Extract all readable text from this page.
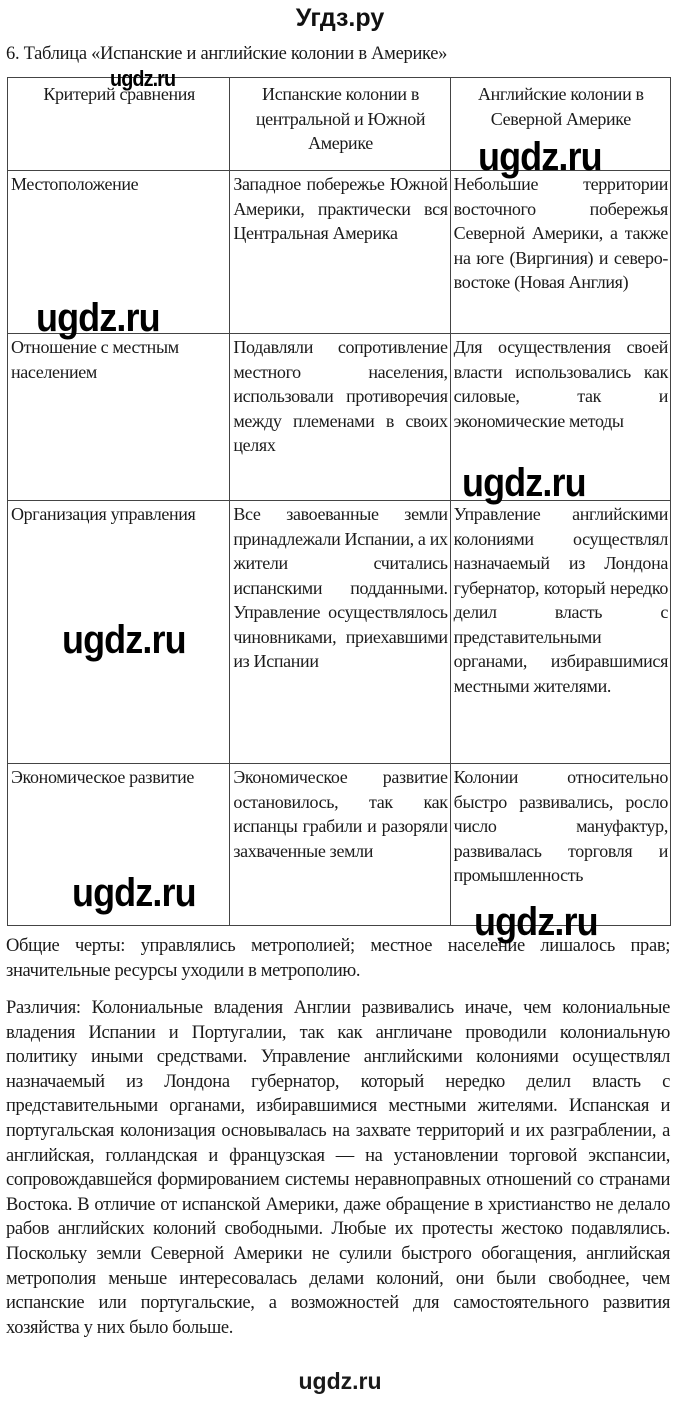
Угдз.ру
6. Таблица «Испанские и английские колонии в Америке»
Критерий сравнения	Испанские колонии в центральной и Южной Америке	Английские колонии в Северной Америке
Местоположение	Западное побережье Южной Америки, практически вся Центральная Америка	Небольшие территории восточного побережья Северной Америки, а также на юге (Виргиния) и северо-востоке (Новая Англия)
Отношение с местным населением	Подавляли сопротивление местного населения, использовали противоречия между племенами в своих целях	Для осуществления своей власти использовались как силовые, так и экономические методы
Организация управления	Все завоеванные земли принадлежали Испании, а их жители считались испанскими подданными. Управление осуществлялось чиновниками, приехавшими из Испании	Управление английскими колониями осуществлял назначаемый из Лондона губернатор, который нередко делил власть с представительными органами, избиравшимися местными жителями.
Экономическое развитие	Экономическое развитие остановилось, так как испанцы грабили и разоряли захваченные земли	Колонии относительно быстро развивались, росло число мануфактур, развивалась торговля и промышленность
Общие черты: управлялись метрополией; местное население лишалось прав; значительные ресурсы уходили в метрополию.
Различия: Колониальные владения Англии развивались иначе, чем колониальные владения Испании и Португалии, так как англичане проводили колониальную политику иными средствами. Управление английскими колониями осуществлял назначаемый из Лондона губернатор, который нередко делил власть с представительными органами, избиравшимися местными жителями. Испанская и португальская колонизация основывалась на захвате территорий и их разграблении, а английская, голландская и французская — на установлении торговой экспансии, сопровождавшейся формированием системы неравноправных отношений со странами Востока. В отличие от испанской Америки, даже обращение в христианство не делало рабов английских колоний свободными. Любые их протесты жестоко подавлялись. Поскольку земли Северной Америки не сулили быстрого обогащения, английская метрополия меньше интересовалась делами колоний, они были свободнее, чем испанские или португальские, а возможностей для самостоятельного развития хозяйства у них было больше.
ugdz.ru
ugdz.ru
ugdz.ru
ugdz.ru
ugdz.ru
ugdz.ru
ugdz.ru
ugdz.ru
